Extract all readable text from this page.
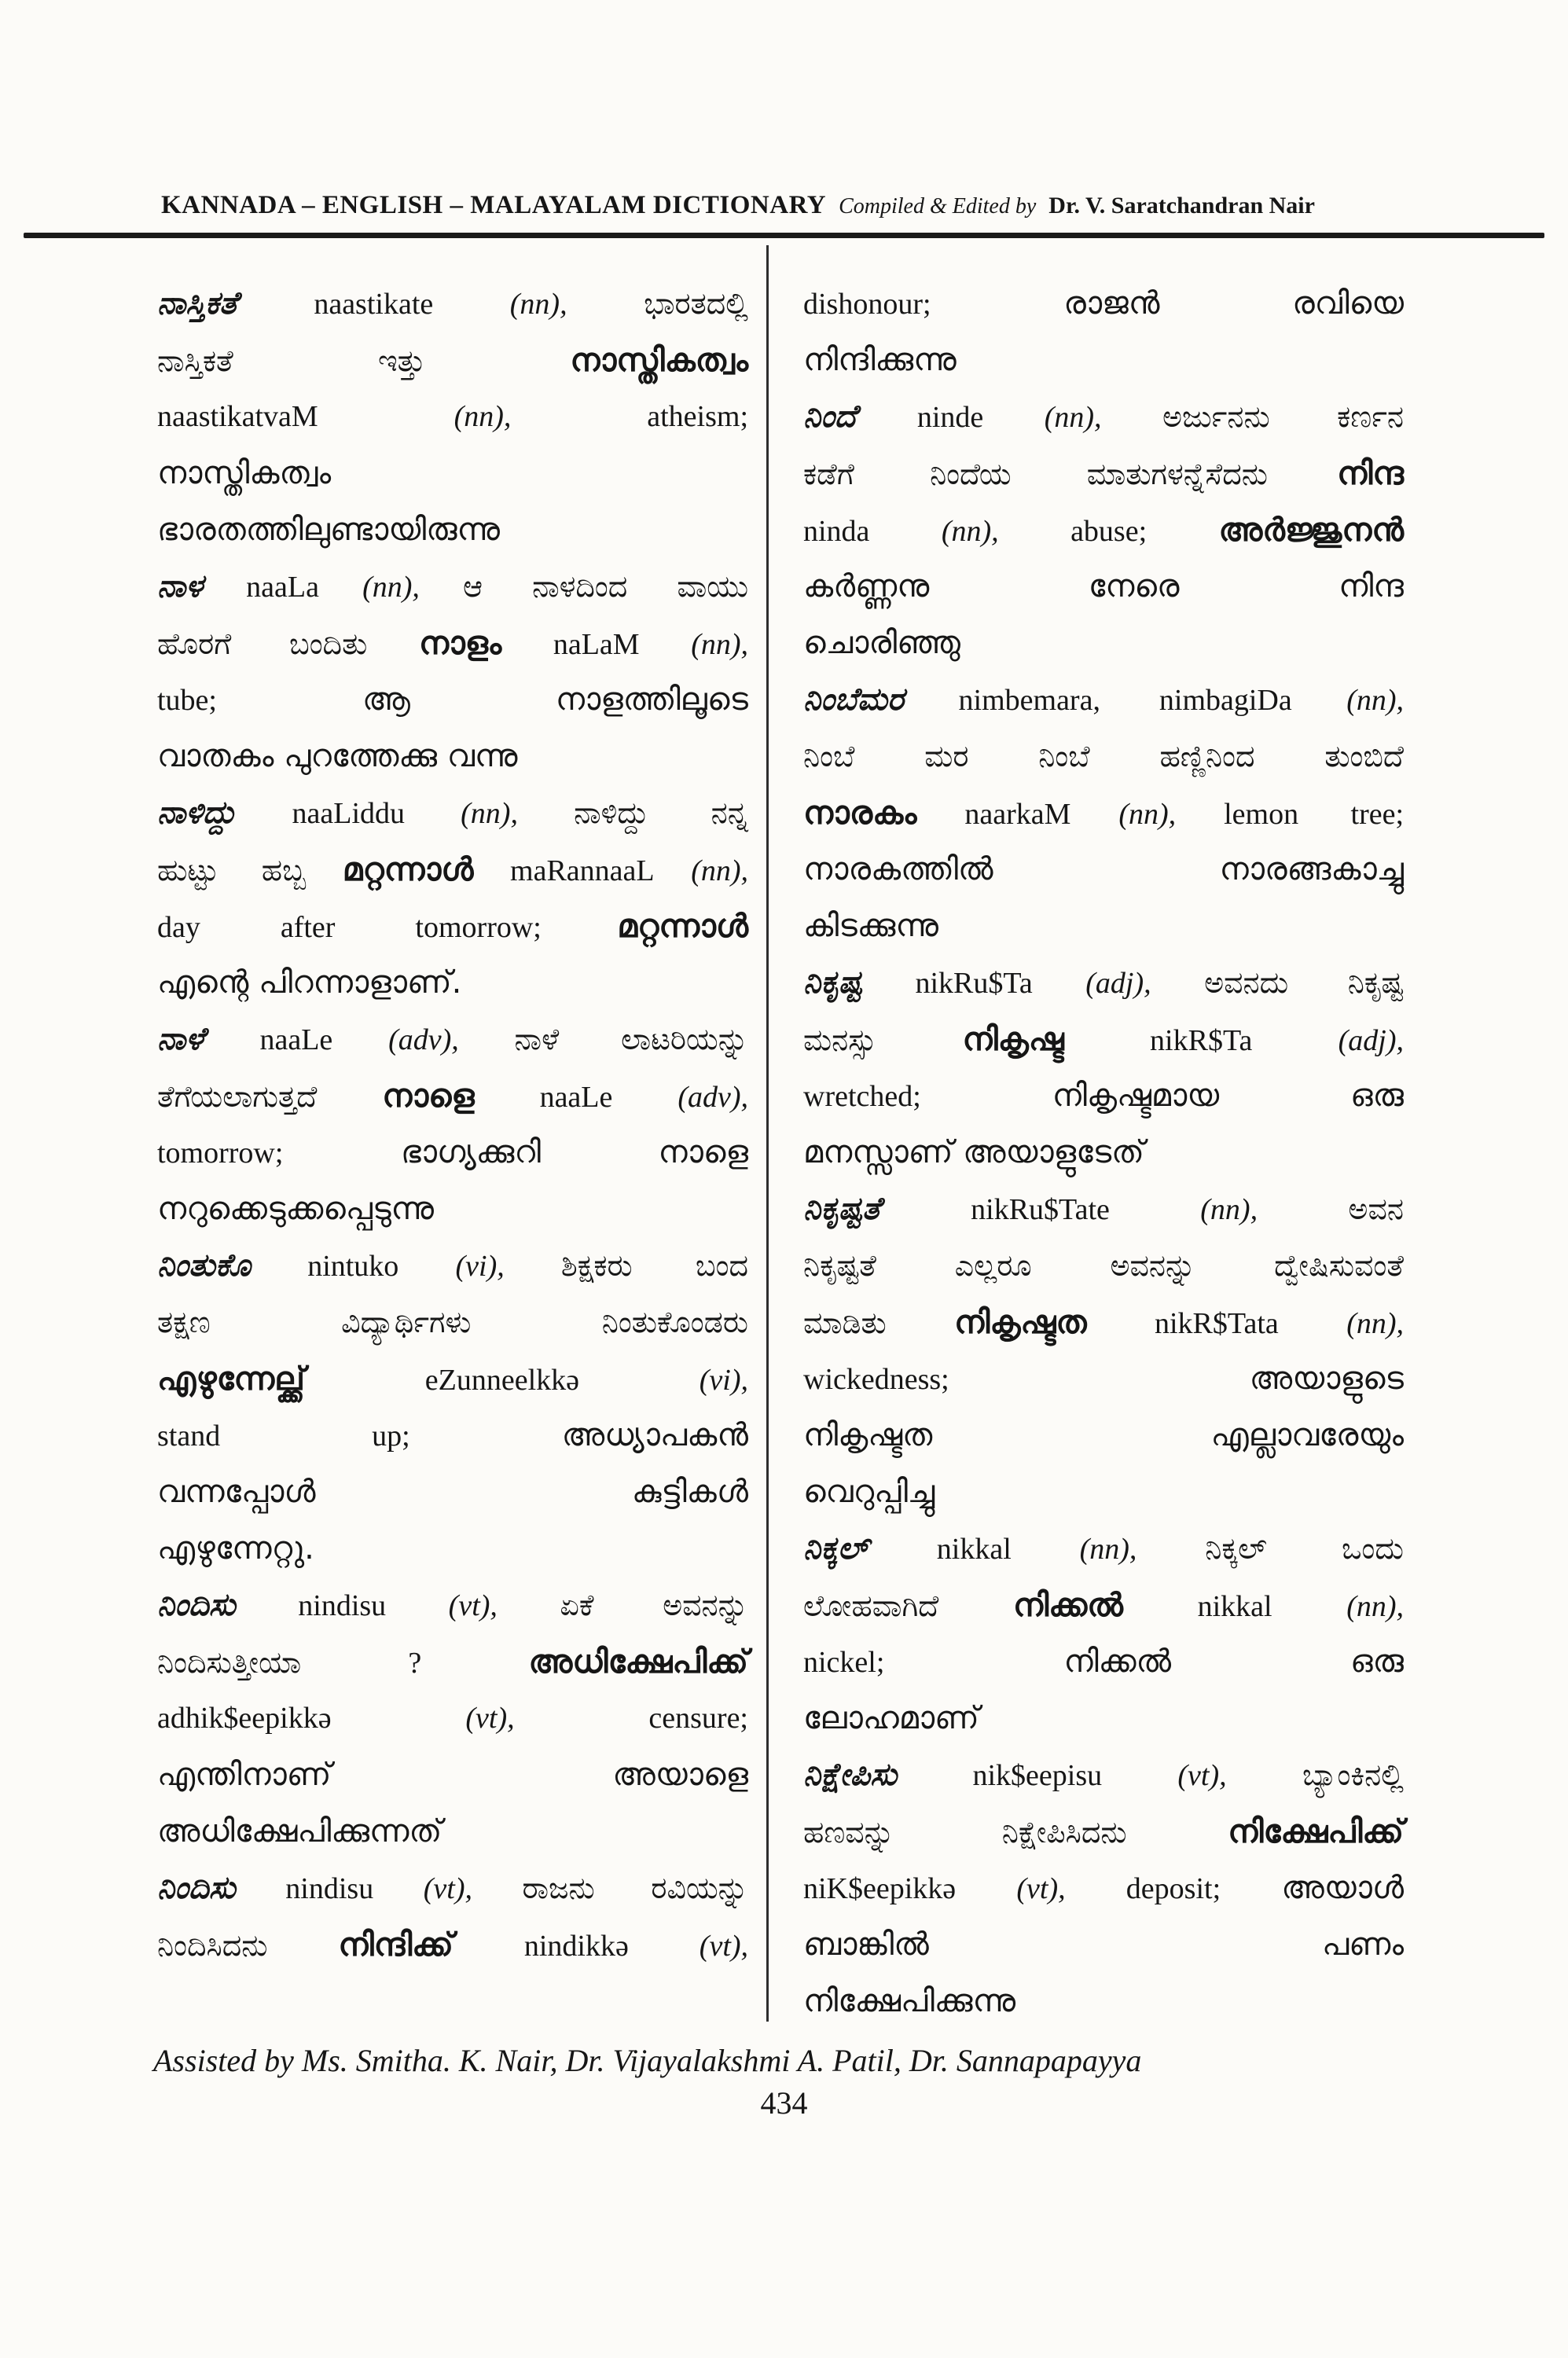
KANNADA – ENGLISH – MALAYALAM DICTIONARY Compiled & Edited by Dr. V. Saratchandran Nair
ನಾಸ್ತಿಕತೆ	naastikate	(nn),	ಭಾರತದಲ್ಲಿ
ನಾಸ್ತಿಕತೆ	ಇತ್ತು	നാസ്തികത്വം
naastikatvaM	(nn),	atheism;
നാസ്തികത്വം
ഭാരതത്തിലുണ്ടായിരുന്നു
ನಾಳ naaLa (nn), ಆ ನಾಳದಿಂದ ವಾಯು
ಹೊರಗೆ ಬಂದಿತು നാളം naLaM (nn),
tube;	ആ	നാളത്തിലൂടെ
വാതകം പുറത്തേക്കു വന്നു
ನಾಳಿದ್ದು naaLiddu (nn), ನಾಳಿದ್ದು ನನ್ನ
ಹುಟ್ಟು ಹಬ್ಬ മറ്റന്നാൾ maRannaaL (nn),
day after tomorrow; മറ്റന്നാൾ
എന്റെ പിറന്നാളാണ്.
ನಾಳೆ naaLe (adv), ನಾಳೆ ಲಾಟರಿಯನ್ನು
ತೆಗೆಯಲಾಗುತ್ತದೆ നാളെ naaLe (adv),
tomorrow;	ഭാഗ്യക്കുറി	നാളെ
നറുക്കെടുക്കപ്പെടുന്നു
ನಿಂತುಕೊ nintuko (vi), ಶಿಕ್ಷಕರು ಬಂದ
ತಕ್ಷಣ	ವಿದ್ಯಾರ್ಥಿಗಳು	ನಿಂತುಕೊಂಡರು
എഴുന്നേല്ക്ക്	eZunneelkkə	(vi),
stand	up;	അധ്യാപകൻ
വന്നപ്പോൾ	കുട്ടികൾ
എഴുന്നേറ്റു.
ನಿಂದಿಸು nindisu (vt), ಏಕೆ ಅವನನ್ನು
ನಿಂದಿಸುತ್ತೀಯಾ	?	അധിക്ഷേപിക്ക്
adhik$eepikkə	(vt),	censure;
എന്തിനാണ്	അയാളെ
അധിക്ഷേപിക്കുന്നത്
ನಿಂದಿಸು nindisu (vt), ರಾಜನು ರವಿಯನ್ನು
ನಿಂದಿಸಿದನು നിന്ദിക്ക് nindikkə (vt),
dishonour;	രാജൻ	രവിയെ
നിന്ദിക്കുന്നു
ನಿಂದೆ ninde (nn), ಅರ್ಜುನನು ಕರ್ಣನ
ಕಡೆಗೆ ನಿಂದೆಯ ಮಾತುಗಳನ್ನೆಸೆದನು നിന്ദ
ninda (nn), abuse; അർജ്ജുനൻ
കർണ്ണനു	നേരെ	നിന്ദ
ചൊരിഞ്ഞു
ನಿಂಬೆಮರ nimbemara, nimbagiDa (nn),
ನಿಂಬೆ ಮರ ನಿಂಬೆ ಹಣ್ಣಿನಿಂದ ತುಂಬಿದೆ
നാരകം naarkaM (nn), lemon tree;
നാരകത്തിൽ	നാരങ്ങകാച്ചു
കിടക്കുന്നു
ನಿಕೃಷ್ಟ nikRu$Ta (adj), ಅವನದು ನಿಕೃಷ್ಟ
ಮನಸ್ಸು	നികൃഷ്ട	nikR$Ta	(adj),
wretched;	നികൃഷ്ടമായ	ഒരു
മനസ്സാണ് അയാളുടേത്
ನಿಕೃಷ್ಟತೆ	nikRu$Tate	(nn),	ಅವನ
ನಿಕೃಷ್ಟತೆ ಎಲ್ಲರೂ ಅವನನ್ನು ದ್ವೇಷಿಸುವಂತೆ
ಮಾಡಿತು നികൃഷ്ടത nikR$Tata (nn),
wickedness;	അയാളുടെ
നികൃഷ്ടത	എല്ലാവരേയും
വെറുപ്പിച്ചു
ನಿಕ್ಕಲ್ nikkal (nn), ನಿಕ್ಕಲ್ ಒಂದು
ಲೋಹವಾಗಿದೆ നിക്കൽ nikkal (nn),
nickel;	നിക്കൽ	ഒരു
ലോഹമാണ്
ನಿಕ್ಷೇಪಿಸು	nik$eepisu	(vt),	ಬ್ಯಾಂಕಿನಲ್ಲಿ
ಹಣವನ್ನು ನಿಕ್ಷೇಪಿಸಿದನು	നിക്ഷേപിക്ക്
niK$eepikkə (vt), deposit; അയാൾ
ബാങ്കിൽ	പണം
നിക്ഷേപിക്കുന്നു
Assisted by Ms. Smitha. K. Nair, Dr. Vijayalakshmi A. Patil, Dr. Sannapapayya
434
